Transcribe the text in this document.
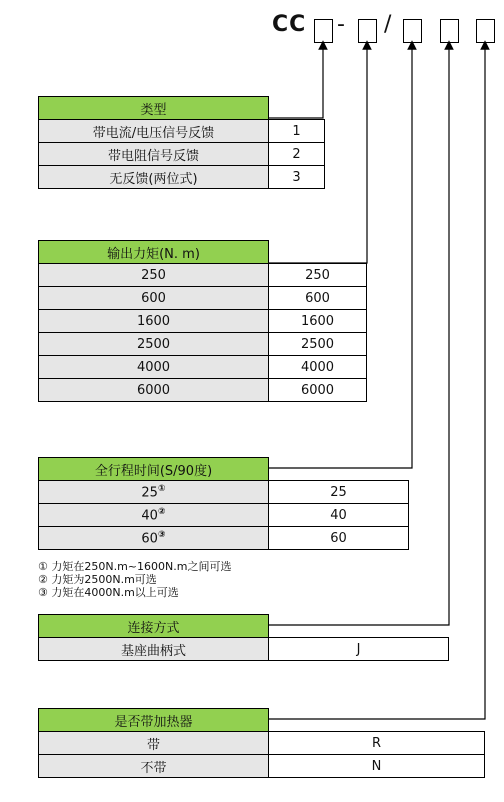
CC - /
类型	
带电流/电压信号反馈	1
带电阻信号反馈	2
无反馈(两位式)	3
输出力矩(N. m)	
250	250
600	600
1600	1600
2500	2500
4000	4000
6000	6000
全行程时间(S/90度)	
25①	25
40②	40
60③	60
① 力矩在250N.m~1600N.m之间可选
② 力矩为2500N.m可选
③ 力矩在4000N.m以上可选
连接方式	
基座曲柄式	J
是否带加热器	
带	R
不带	N
